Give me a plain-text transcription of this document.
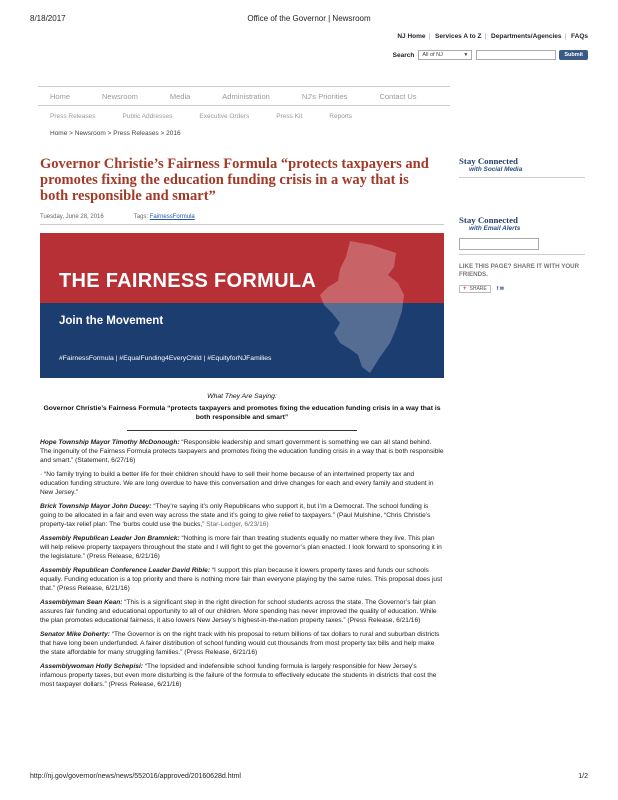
8/18/2017	Office of the Governor | Newsroom
NJ Home | Services A to Z | Departments/Agencies | FAQs
Search	All of NJ	▼	Submit
Home	Newsroom	Media	Administration	NJ's Priorities	Contact Us
Press Releases	Public Addresses	Executive Orders	Press Kit	Reports
Home > Newsroom > Press Releases > 2016
Governor Christie’s Fairness Formula “protects taxpayers and promotes fixing the education funding crisis in a way that is both responsible and smart”
Tuesday, June 28, 2016	Tags: FairnessFormula
THE FAIRNESS FORMULA
Join the Movement
#FairnessFormula | #EqualFunding4EveryChild | #EquityforNJFamilies
What They Are Saying:
Governor Christie’s Fairness Formula “protects taxpayers and promotes fixing the education funding crisis in a way that is both responsible and smart”

Hope Township Mayor Timothy McDonough: “Responsible leadership and smart government is something we can all stand behind. The ingenuity of the Fairness Formula protects taxpayers and promotes fixing the education funding crisis in a way that is both responsible and smart.” (Statement, 6/27/16)

· “No family trying to build a better life for their children should have to sell their home because of an intertwined property tax and education funding structure. We are long overdue to have this conversation and drive changes for each and every family and student in New Jersey.”

Brick Township Mayor John Ducey: “They’re saying it’s only Republicans who support it, but I’m a Democrat. The school funding is going to be allocated in a fair and even way across the state and it’s going to give relief to taxpayers.” (Paul Mulshine, “Chris Christie’s property-tax relief plan: The ‘burbs could use the bucks,” Star-Ledger, 6/23/16)

Assembly Republican Leader Jon Bramnick: “Nothing is more fair than treating students equally no matter where they live. This plan will help relieve property taxpayers throughout the state and I will fight to get the governor’s plan enacted. I look forward to sponsoring it in the legislature.” (Press Release, 6/21/16)

Assembly Republican Conference Leader David Rible: “I support this plan because it lowers property taxes and funds our schools equally. Funding education is a top priority and there is nothing more fair than everyone playing by the same rules. This proposal does just that.” (Press Release, 6/21/16)

Assemblyman Sean Kean: “This is a significant step in the right direction for school students across the state. The Governor’s fair plan assures fair funding and educational opportunity to all of our children. More spending has never improved the quality of education. While the plan promotes educational fairness, it also lowers New Jersey’s highest-in-the-nation property taxes.” (Press Release, 6/21/16)

Senator Mike Doherty: “The Governor is on the right track with his proposal to return billions of tax dollars to rural and suburban districts that have long been underfunded. A fairer distribution of school funding would cut thousands from most property tax bills and help make the state affordable for many struggling families.” (Press Release, 6/21/16)

Assemblywoman Holly Schepisi: “The lopsided and indefensible school funding formula is largely responsible for New Jersey’s infamous property taxes, but even more disturbing is the failure of the formula to effectively educate the students in districts that cost the most taxpayer dollars.” (Press Release, 6/21/16)

Stay Connected
with Social Media
Stay Connected
with Email Alerts
LIKE THIS PAGE? SHARE IT WITH YOUR FRIENDS.
+ SHARE f ✉
http://nj.gov/governor/news/news/552016/approved/20160628d.html	1/2
